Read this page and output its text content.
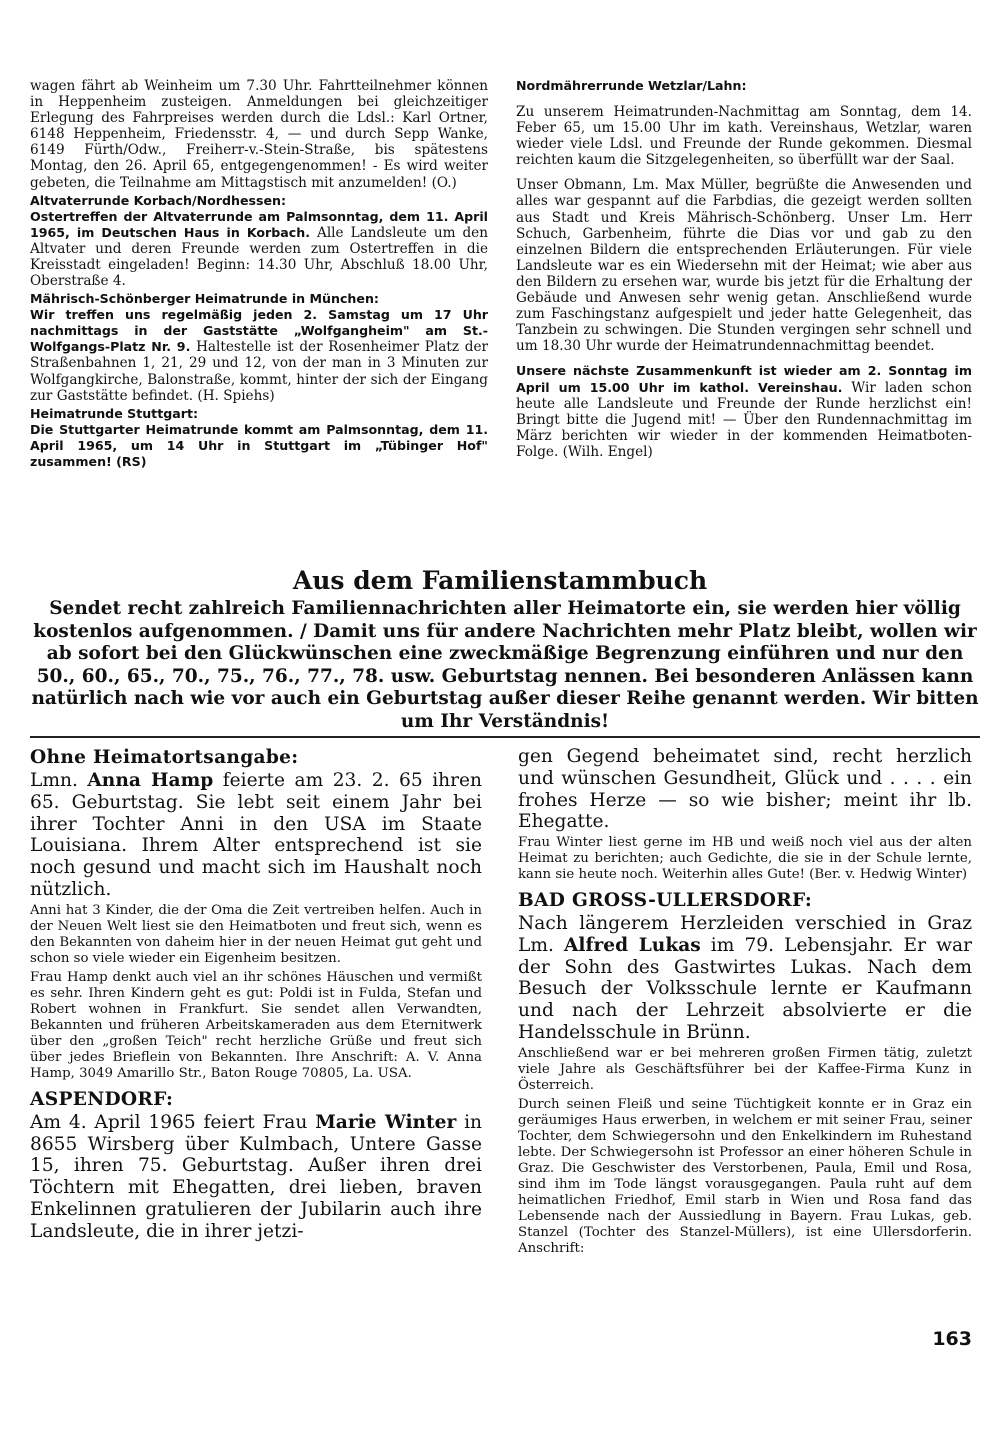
wagen fährt ab Weinheim um 7.30 Uhr. Fahrtteilnehmer können in Heppenheim zusteigen. Anmeldungen bei gleichzeitiger Erlegung des Fahrpreises werden durch die Ldsl.: Karl Ortner, 6148 Heppenheim, Friedensstr. 4, — und durch Sepp Wanke, 6149 Fürth/Odw., Freiherr-v.-Stein-Straße, bis spätestens Montag, den 26. April 65, entgegengenommen! - Es wird weiter gebeten, die Teilnahme am Mittagstisch mit anzumelden! (O.)

Altvaterrunde Korbach/Nordhessen:

Ostertreffen der Altvaterrunde am Palmsonntag, dem 11. April 1965, im Deutschen Haus in Korbach. Alle Landsleute um den Altvater und deren Freunde werden zum Ostertreffen in die Kreisstadt eingeladen! Beginn: 14.30 Uhr, Abschluß 18.00 Uhr, Oberstraße 4.

Mährisch-Schönberger Heimatrunde in München:

Wir treffen uns regelmäßig jeden 2. Samstag um 17 Uhr nachmittags in der Gaststätte „Wolfgangheim" am St.-Wolfgangs-Platz Nr. 9. Haltestelle ist der Rosenheimer Platz der Straßenbahnen 1, 21, 29 und 12, von der man in 3 Minuten zur Wolfgangkirche, Balonstraße, kommt, hinter der sich der Eingang zur Gaststätte befindet. (H. Spiehs)

Heimatrunde Stuttgart:

Die Stuttgarter Heimatrunde kommt am Palmsonntag, dem 11. April 1965, um 14 Uhr in Stuttgart im „Tübinger Hof" zusammen! (RS)

Nordmährerrunde Wetzlar/Lahn:

Zu unserem Heimatrunden-Nachmittag am Sonntag, dem 14. Feber 65, um 15.00 Uhr im kath. Vereinshaus, Wetzlar, waren wieder viele Ldsl. und Freunde der Runde gekommen. Diesmal reichten kaum die Sitzgelegenheiten, so überfüllt war der Saal.

Unser Obmann, Lm. Max Müller, begrüßte die Anwesenden und alles war gespannt auf die Farbdias, die gezeigt werden sollten aus Stadt und Kreis Mährisch-Schönberg. Unser Lm. Herr Schuch, Garbenheim, führte die Dias vor und gab zu den einzelnen Bildern die entsprechenden Erläuterungen. Für viele Landsleute war es ein Wiedersehn mit der Heimat; wie aber aus den Bildern zu ersehen war, wurde bis jetzt für die Erhaltung der Gebäude und Anwesen sehr wenig getan. Anschließend wurde zum Faschingstanz aufgespielt und jeder hatte Gelegenheit, das Tanzbein zu schwingen. Die Stunden vergingen sehr schnell und um 18.30 Uhr wurde der Heimatrundennachmittag beendet.

Unsere nächste Zusammenkunft ist wieder am 2. Sonntag im April um 15.00 Uhr im kathol. Vereinshau. Wir laden schon heute alle Landsleute und Freunde der Runde herzlichst ein! Bringt bitte die Jugend mit! — Über den Rundennachmittag im März berichten wir wieder in der kommenden Heimatboten-Folge. (Wilh. Engel)

Aus dem Familienstammbuch
Sendet recht zahlreich Familiennachrichten aller Heimatorte ein, sie werden hier völlig kostenlos aufgenommen. / Damit uns für andere Nachrichten mehr Platz bleibt, wollen wir ab sofort bei den Glückwünschen eine zweckmäßige Begrenzung einführen und nur den 50., 60., 65., 70., 75., 76., 77., 78. usw. Geburtstag nennen. Bei besonderen Anlässen kann natürlich nach wie vor auch ein Geburtstag außer dieser Reihe genannt werden. Wir bitten um Ihr Verständnis!
Ohne Heimatortsangabe:
Lmn. Anna Hamp feierte am 23. 2. 65 ihren 65. Geburtstag. Sie lebt seit einem Jahr bei ihrer Tochter Anni in den USA im Staate Louisiana. Ihrem Alter entsprechend ist sie noch gesund und macht sich im Haushalt noch nützlich.

Anni hat 3 Kinder, die der Oma die Zeit vertreiben helfen. Auch in der Neuen Welt liest sie den Heimatboten und freut sich, wenn es den Bekannten von daheim hier in der neuen Heimat gut geht und schon so viele wieder ein Eigenheim besitzen.

Frau Hamp denkt auch viel an ihr schönes Häuschen und vermißt es sehr. Ihren Kindern geht es gut: Poldi ist in Fulda, Stefan und Robert wohnen in Frankfurt. Sie sendet allen Verwandten, Bekannten und früheren Arbeitskameraden aus dem Eternitwerk über den „großen Teich" recht herzliche Grüße und freut sich über jedes Brieflein von Bekannten. Ihre Anschrift: A. V. Anna Hamp, 3049 Amarillo Str., Baton Rouge 70805, La. USA.

ASPENDORF:
Am 4. April 1965 feiert Frau Marie Winter in 8655 Wirsberg über Kulmbach, Untere Gasse 15, ihren 75. Geburtstag. Außer ihren drei Töchtern mit Ehegatten, drei lieben, braven Enkelinnen gratulieren der Jubilarin auch ihre Landsleute, die in ihrer jetzi-
gen Gegend beheimatet sind, recht herzlich und wünschen Gesundheit, Glück und . . . . ein frohes Herze — so wie bisher; meint ihr lb. Ehegatte.

Frau Winter liest gerne im HB und weiß noch viel aus der alten Heimat zu berichten; auch Gedichte, die sie in der Schule lernte, kann sie heute noch. Weiterhin alles Gute! (Ber. v. Hedwig Winter)

BAD GROSS-ULLERSDORF:
Nach längerem Herzleiden verschied in Graz Lm. Alfred Lukas im 79. Lebensjahr. Er war der Sohn des Gastwirtes Lukas. Nach dem Besuch der Volksschule lernte er Kaufmann und nach der Lehrzeit absolvierte er die Handelsschule in Brünn.

Anschließend war er bei mehreren großen Firmen tätig, zuletzt viele Jahre als Geschäftsführer bei der Kaffee-Firma Kunz in Österreich.

Durch seinen Fleiß und seine Tüchtigkeit konnte er in Graz ein geräumiges Haus erwerben, in welchem er mit seiner Frau, seiner Tochter, dem Schwiegersohn und den Enkelkindern im Ruhestand lebte. Der Schwiegersohn ist Professor an einer höheren Schule in Graz. Die Geschwister des Verstorbenen, Paula, Emil und Rosa, sind ihm im Tode längst vorausgegangen. Paula ruht auf dem heimatlichen Friedhof, Emil starb in Wien und Rosa fand das Lebensende nach der Aussiedlung in Bayern. Frau Lukas, geb. Stanzel (Tochter des Stanzel-Müllers), ist eine Ullersdorferin. Anschrift:

163
